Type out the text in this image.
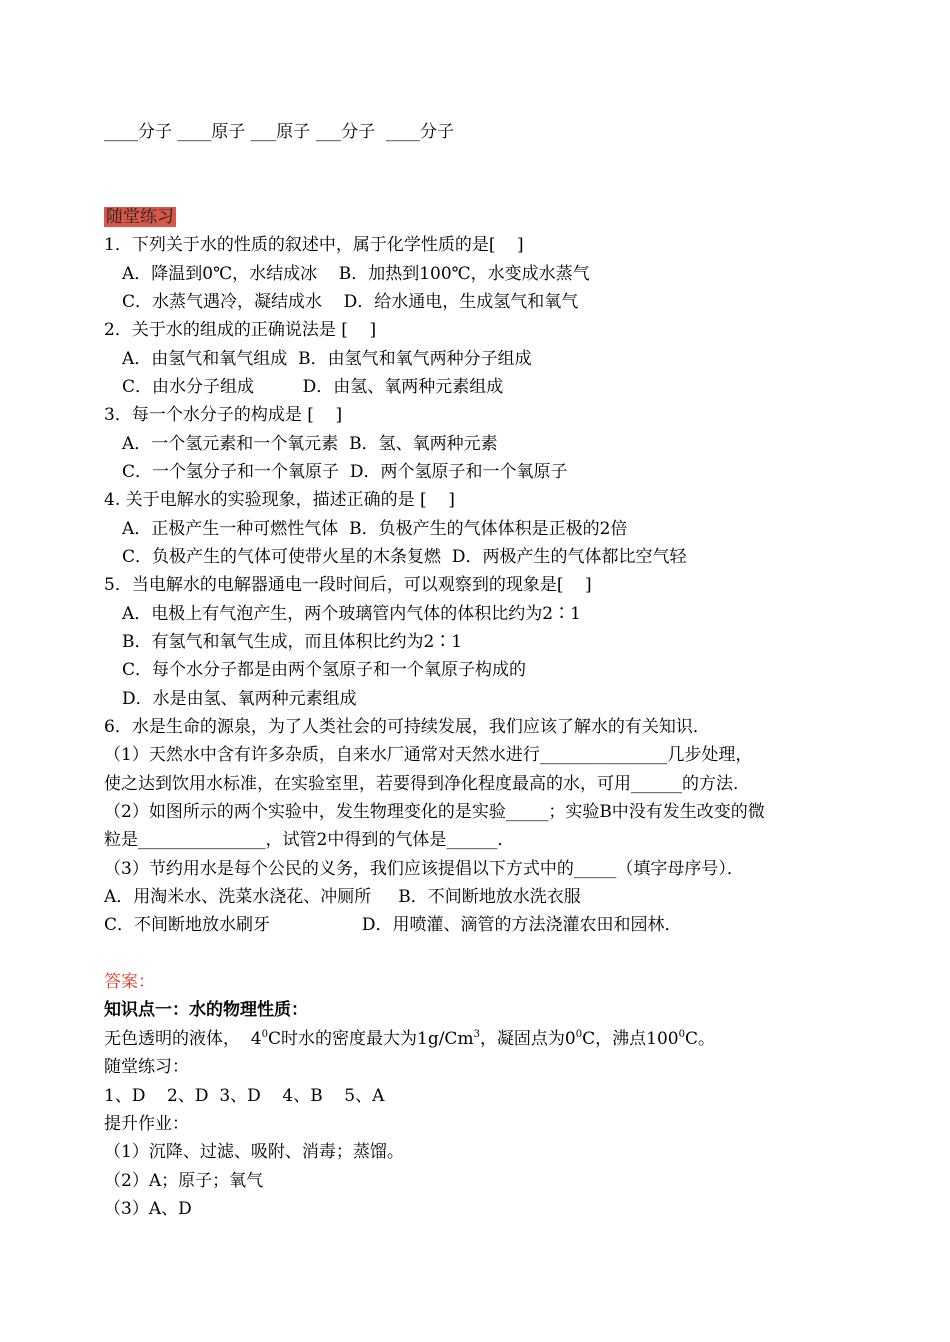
____分子 ____原子 ___原子 ___分子  ____分子
随堂练习
1．下列关于水的性质的叙述中，属于化学性质的是[    ]
A．降温到0℃，水结成冰    B．加热到100℃，水变成水蒸气
C．水蒸气遇冷，凝结成水    D．给水通电，生成氢气和氧气
2．关于水的组成的正确说法是 [    ]
A．由氢气和氧气组成  B．由氢气和氧气两种分子组成
C．由水分子组成         D．由氢、氧两种元素组成
3．每一个水分子的构成是 [    ]
A．一个氢元素和一个氧元素  B．氢、氧两种元素
C．一个氢分子和一个氧原子  D．两个氢原子和一个氧原子
4. 关于电解水的实验现象，描述正确的是 [    ]
A．正极产生一种可燃性气体  B．负极产生的气体体积是正极的2倍
C．负极产生的气体可使带火星的木条复燃  D．两极产生的气体都比空气轻
5．当电解水的电解器通电一段时间后，可以观察到的现象是[    ]
A．电极上有气泡产生，两个玻璃管内气体的体积比约为2∶1
B．有氢气和氧气生成，而且体积比约为2∶1
C．每个水分子都是由两个氢原子和一个氧原子构成的
D．水是由氢、氧两种元素组成
6．水是生命的源泉，为了人类社会的可持续发展，我们应该了解水的有关知识．
（1）天然水中含有许多杂质，自来水厂通常对天然水进行_______________几步处理，
使之达到饮用水标准，在实验室里，若要得到净化程度最高的水，可用______的方法．
（2）如图所示的两个实验中，发生物理变化的是实验_____；实验B中没有发生改变的微
粒是_______________，试管2中得到的气体是______．
（3）节约用水是每个公民的义务，我们应该提倡以下方式中的_____（填字母序号）．
A．用淘米水、洗菜水浇花、冲厕所     B．不间断地放水洗衣服
C．不间断地放水刷牙                 D．用喷灌、滴管的方法浇灌农田和园林．
答案：
知识点一：水的物理性质：
无色透明的液体，  $4^0C$时水的密度最大为1g/Cm$^3$，凝固点为$0^0C$，沸点$100^0C$。
随堂练习：
1、D    2、D  3、D    4、B    5、A
提升作业：
（1）沉降、过滤、吸附、消毒；蒸馏。
（2）A；原子；氧气
（3）A、D
